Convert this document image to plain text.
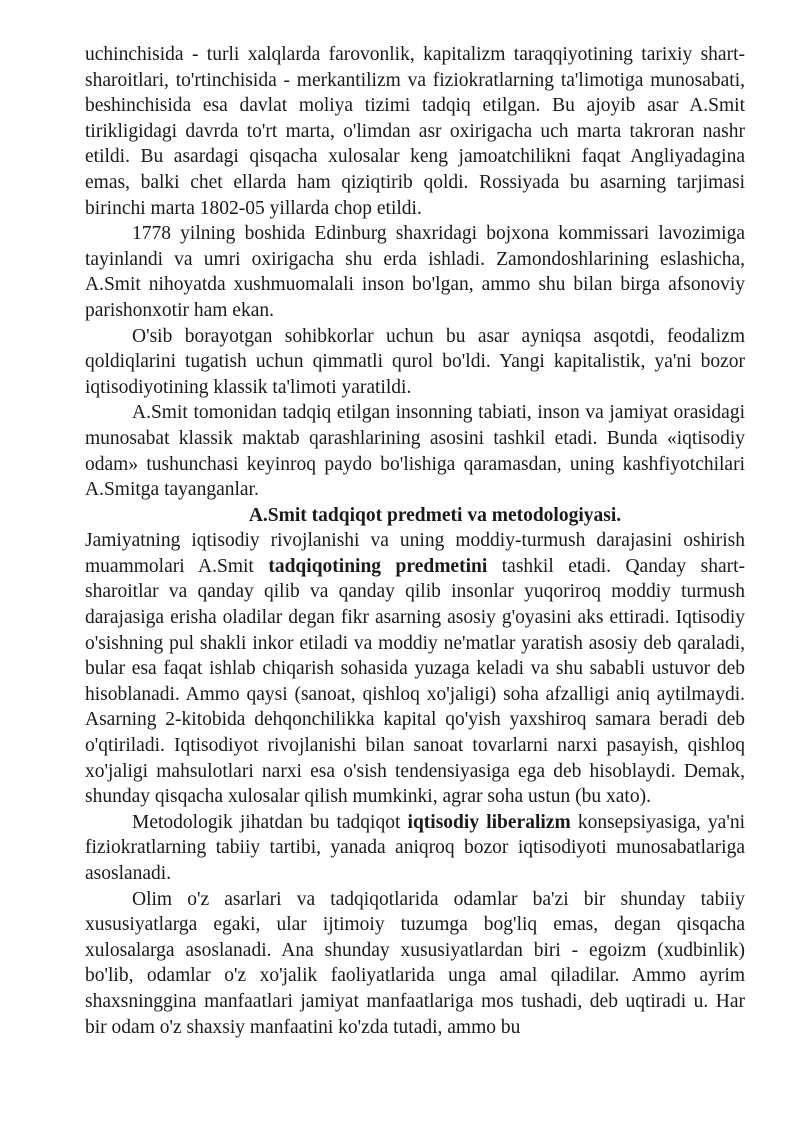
uchinchisida - turli xalqlarda farovonlik, kapitalizm taraqqiyotining tarixiy shart-sharoitlari, to'rtinchisida - merkantilizm va fiziokratlarning ta'limotiga munosabati, beshinchisida esa davlat moliya tizimi tadqiq etilgan. Bu ajoyib asar A.Smit tirikligidagi davrda to'rt marta, o'limdan asr oxirigacha uch marta takroran nashr etildi. Bu asardagi qisqacha xulosalar keng jamoatchilikni faqat Angliyadagina emas, balki chet ellarda ham qiziqtirib qoldi. Rossiyada bu asarning tarjimasi birinchi marta 1802-05 yillarda chop etildi.

1778 yilning boshida Edinburg shaxridagi bojxona kommissari lavozimiga tayinlandi va umri oxirigacha shu erda ishladi. Zamondoshlarining eslashicha, A.Smit nihoyatda xushmuomalali inson bo'lgan, ammo shu bilan birga afsonoviy parishonxotir ham ekan.

O'sib borayotgan sohibkorlar uchun bu asar ayniqsa asqotdi, feodalizm qoldiqlarini tugatish uchun qimmatli qurol bo'ldi. Yangi kapitalistik, ya'ni bozor iqtisodiyotining klassik ta'limoti yaratildi.

A.Smit tomonidan tadqiq etilgan insonning tabiati, inson va jamiyat orasidagi munosabat klassik maktab qarashlarining asosini tashkil etadi. Bunda «iqtisodiy odam» tushunchasi keyinroq paydo bo'lishiga qaramasdan, uning kashfiyotchilari A.Smitga tayanganlar.

A.Smit tadqiqot predmeti va metodologiyasi.

Jamiyatning iqtisodiy rivojlanishi va uning moddiy-turmush darajasini oshirish muammolari A.Smit tadqiqotining predmetini tashkil etadi. Qanday shart-sharoitlar va qanday qilib va qanday qilib insonlar yuqoriroq moddiy turmush darajasiga erisha oladilar degan fikr asarning asosiy g'oyasini aks ettiradi. Iqtisodiy o'sishning pul shakli inkor etiladi va moddiy ne'matlar yaratish asosiy deb qaraladi, bular esa faqat ishlab chiqarish sohasida yuzaga keladi va shu sababli ustuvor deb hisoblanadi. Ammo qaysi (sanoat, qishloq xo'jaligi) soha afzalligi aniq aytilmaydi. Asarning 2-kitobida dehqonchilikka kapital qo'yish yaxshiroq samara beradi deb o'qtiriladi. Iqtisodiyot rivojlanishi bilan sanoat tovarlarni narxi pasayish, qishloq xo'jaligi mahsulotlari narxi esa o'sish tendensiyasiga ega deb hisoblaydi. Demak, shunday qisqacha xulosalar qilish mumkinki, agrar soha ustun (bu xato).

Metodologik jihatdan bu tadqiqot iqtisodiy liberalizm konsepsiyasiga, ya'ni fiziokratlarning tabiiy tartibi, yanada aniqroq bozor iqtisodiyoti munosabatlariga asoslanadi.

Olim o'z asarlari va tadqiqotlarida odamlar ba'zi bir shunday tabiiy xususiyatlarga egaki, ular ijtimoiy tuzumga bog'liq emas, degan qisqacha xulosalarga asoslanadi. Ana shunday xususiyatlardan biri - egoizm (xudbinlik) bo'lib, odamlar o'z xo'jalik faoliyatlarida unga amal qiladilar. Ammo ayrim shaxsninggina manfaatlari jamiyat manfaatlariga mos tushadi, deb uqtiradi u. Har bir odam o'z shaxsiy manfaatini ko'zda tutadi, ammo bu
